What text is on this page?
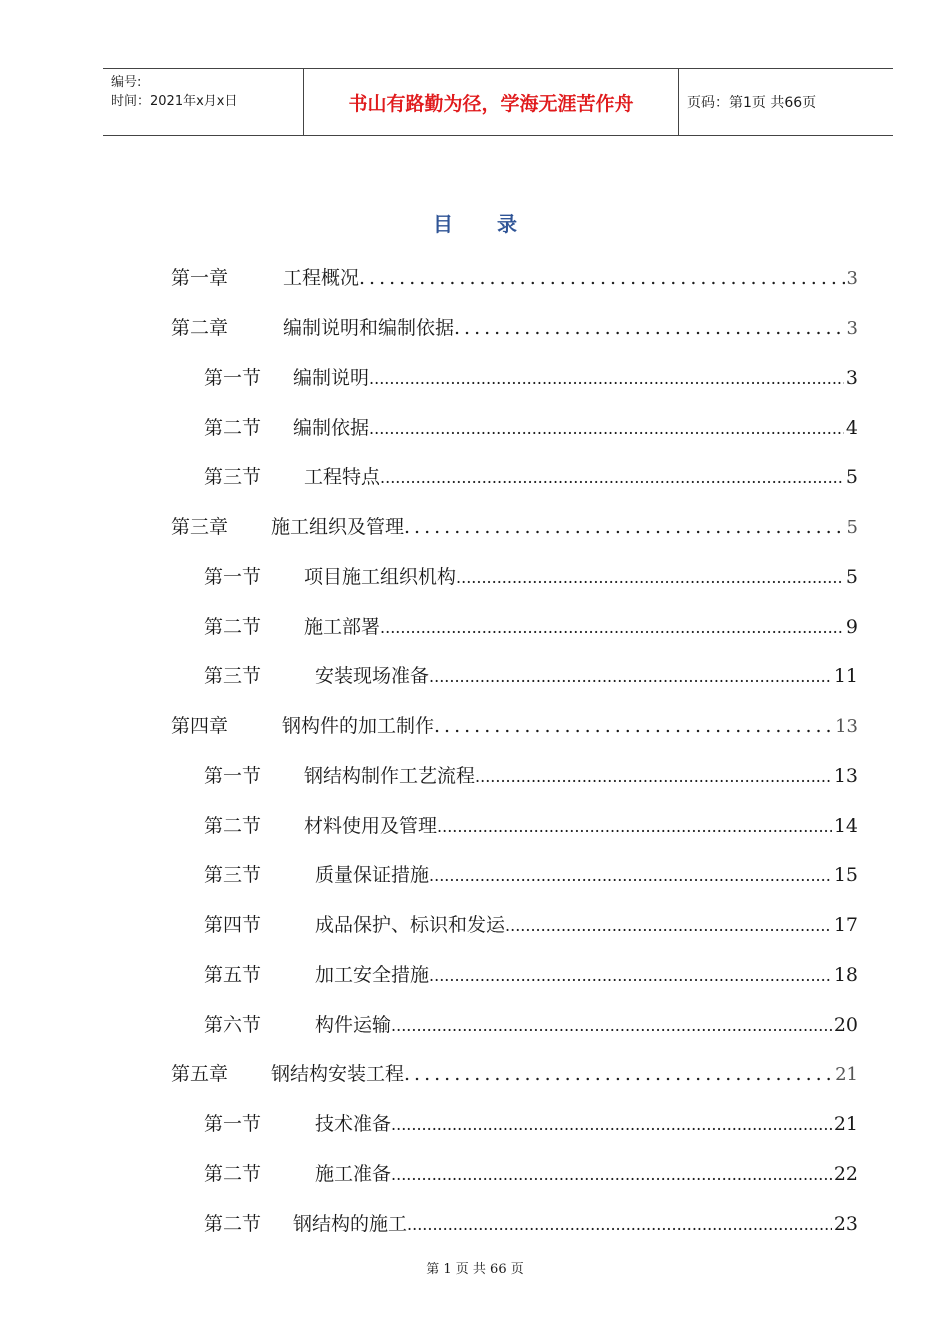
编号:
时间：2021年x月x日	书山有路勤为径，学海无涯苦作舟	页码：第1页 共66页
目 录
第一章	工程概况 .....	3
第二章	编制说明和编制依据 .....	3
第一节	编制说明 .....	3
第二节	编制依据 .....	4
第三节	工程特点 .....	5
第三章	施工组织及管理 .....	5
第一节	项目施工组织机构 .....	5
第二节	施工部署 .....	9
第三节	安装现场准备 .....	11
第四章	钢构件的加工制作 .....	13
第一节	钢结构制作工艺流程 .....	13
第二节	材料使用及管理 .....	14
第三节	质量保证措施 .....	15
第四节	成品保护、标识和发运 .....	17
第五节	加工安全措施 .....	18
第六节	构件运输 .....	20
第五章	钢结构安装工程 .....	21
第一节	技术准备 .....	21
第二节	施工准备 .....	22
第二节	钢结构的施工 .....	23
第 1 页 共 66 页
